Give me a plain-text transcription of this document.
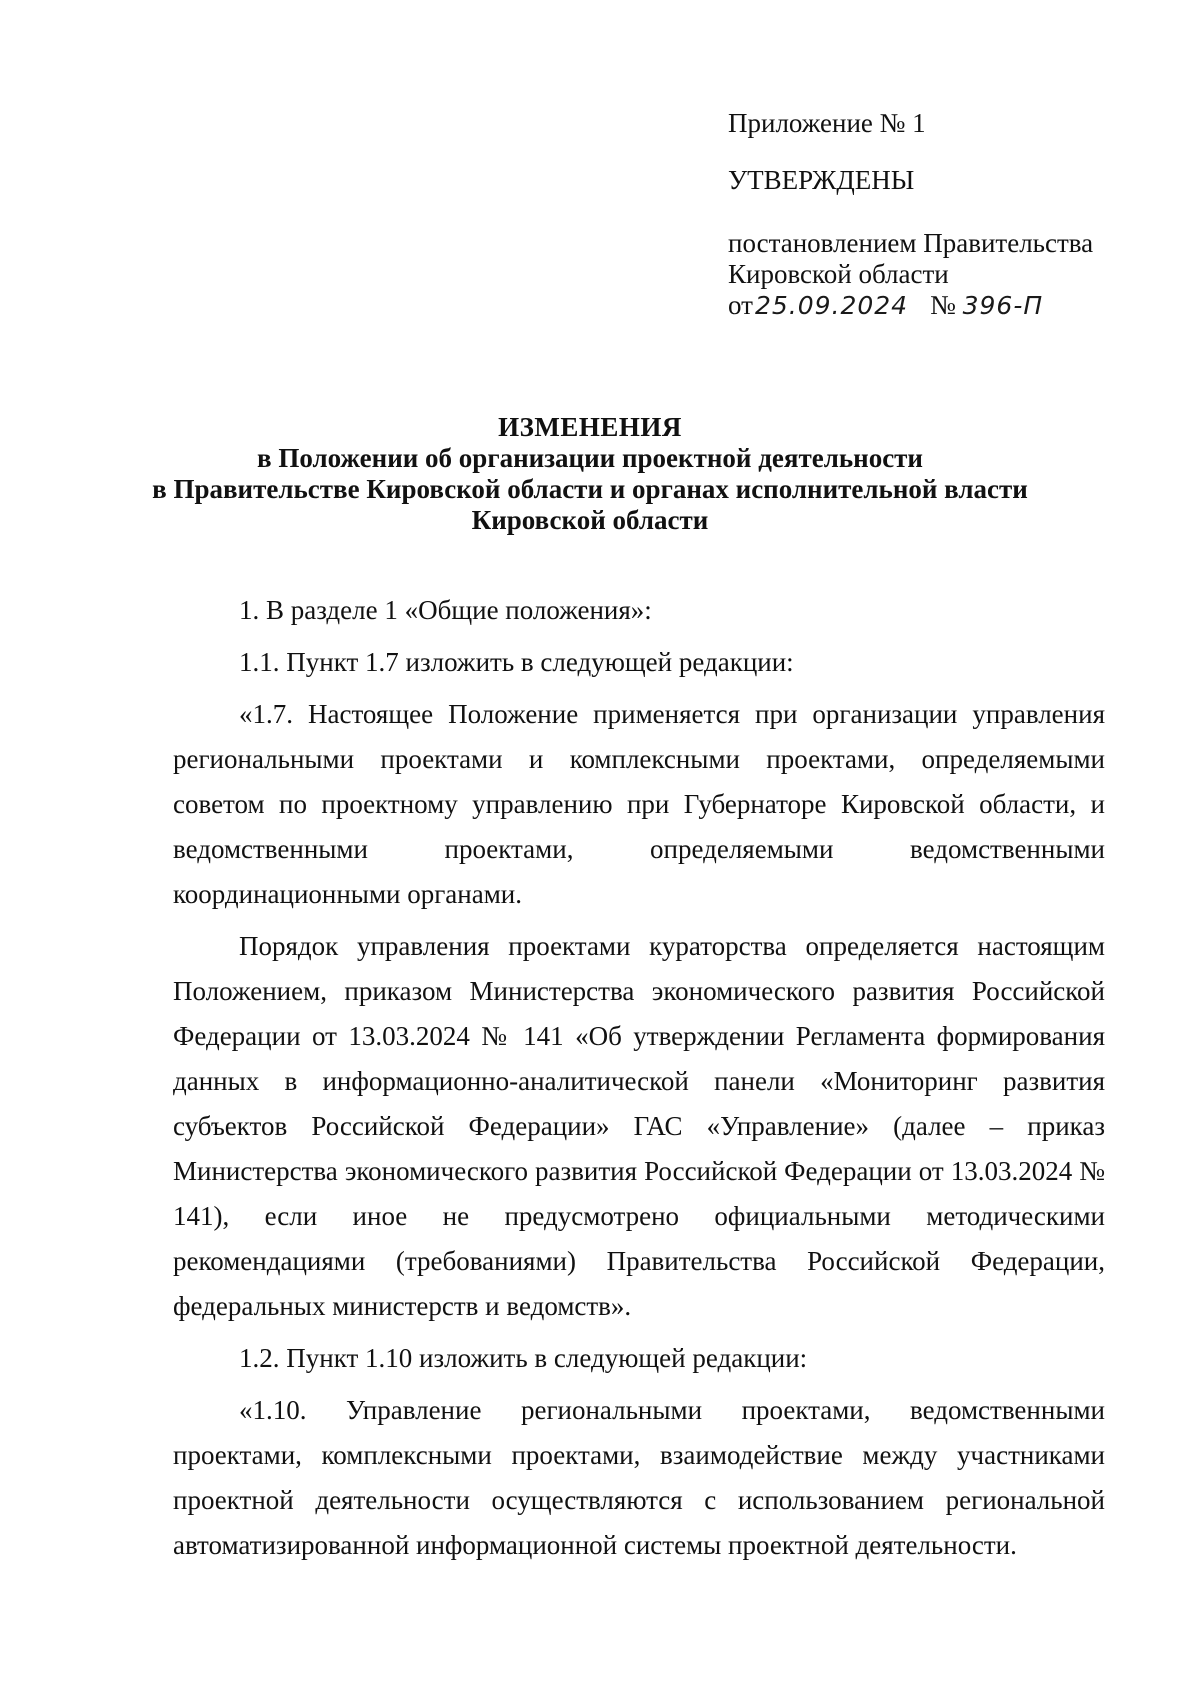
Приложение № 1
УТВЕРЖДЕНЫ
постановлением Правительства
Кировской области
от25.09.2024 № 396-П
ИЗМЕНЕНИЯ
в Положении об организации проектной деятельности
в Правительстве Кировской области и органах исполнительной власти
Кировской области

1. В разделе 1 «Общие положения»:

1.1. Пункт 1.7 изложить в следующей редакции:

«1.7. Настоящее Положение применяется при организации управления региональными проектами и комплексными проектами, определяемыми советом по проектному управлению при Губернаторе Кировской области, и ведомственными проектами, определяемыми ведомственными координационными органами.

Порядок управления проектами кураторства определяется настоящим Положением, приказом Министерства экономического развития Российской Федерации от 13.03.2024 № 141 «Об утверждении Регламента формирования данных в информационно-аналитической панели «Мониторинг развития субъектов Российской Федерации» ГАС «Управление» (далее – приказ Министерства экономического развития Российской Федерации от 13.03.2024 № 141), если иное не предусмотрено официальными методическими рекомендациями (требованиями) Правительства Российской Федерации, федеральных министерств и ведомств».

1.2. Пункт 1.10 изложить в следующей редакции:

«1.10. Управление региональными проектами, ведомственными проектами, комплексными проектами, взаимодействие между участниками проектной деятельности осуществляются с использованием региональной автоматизированной информационной системы проектной деятельности.
